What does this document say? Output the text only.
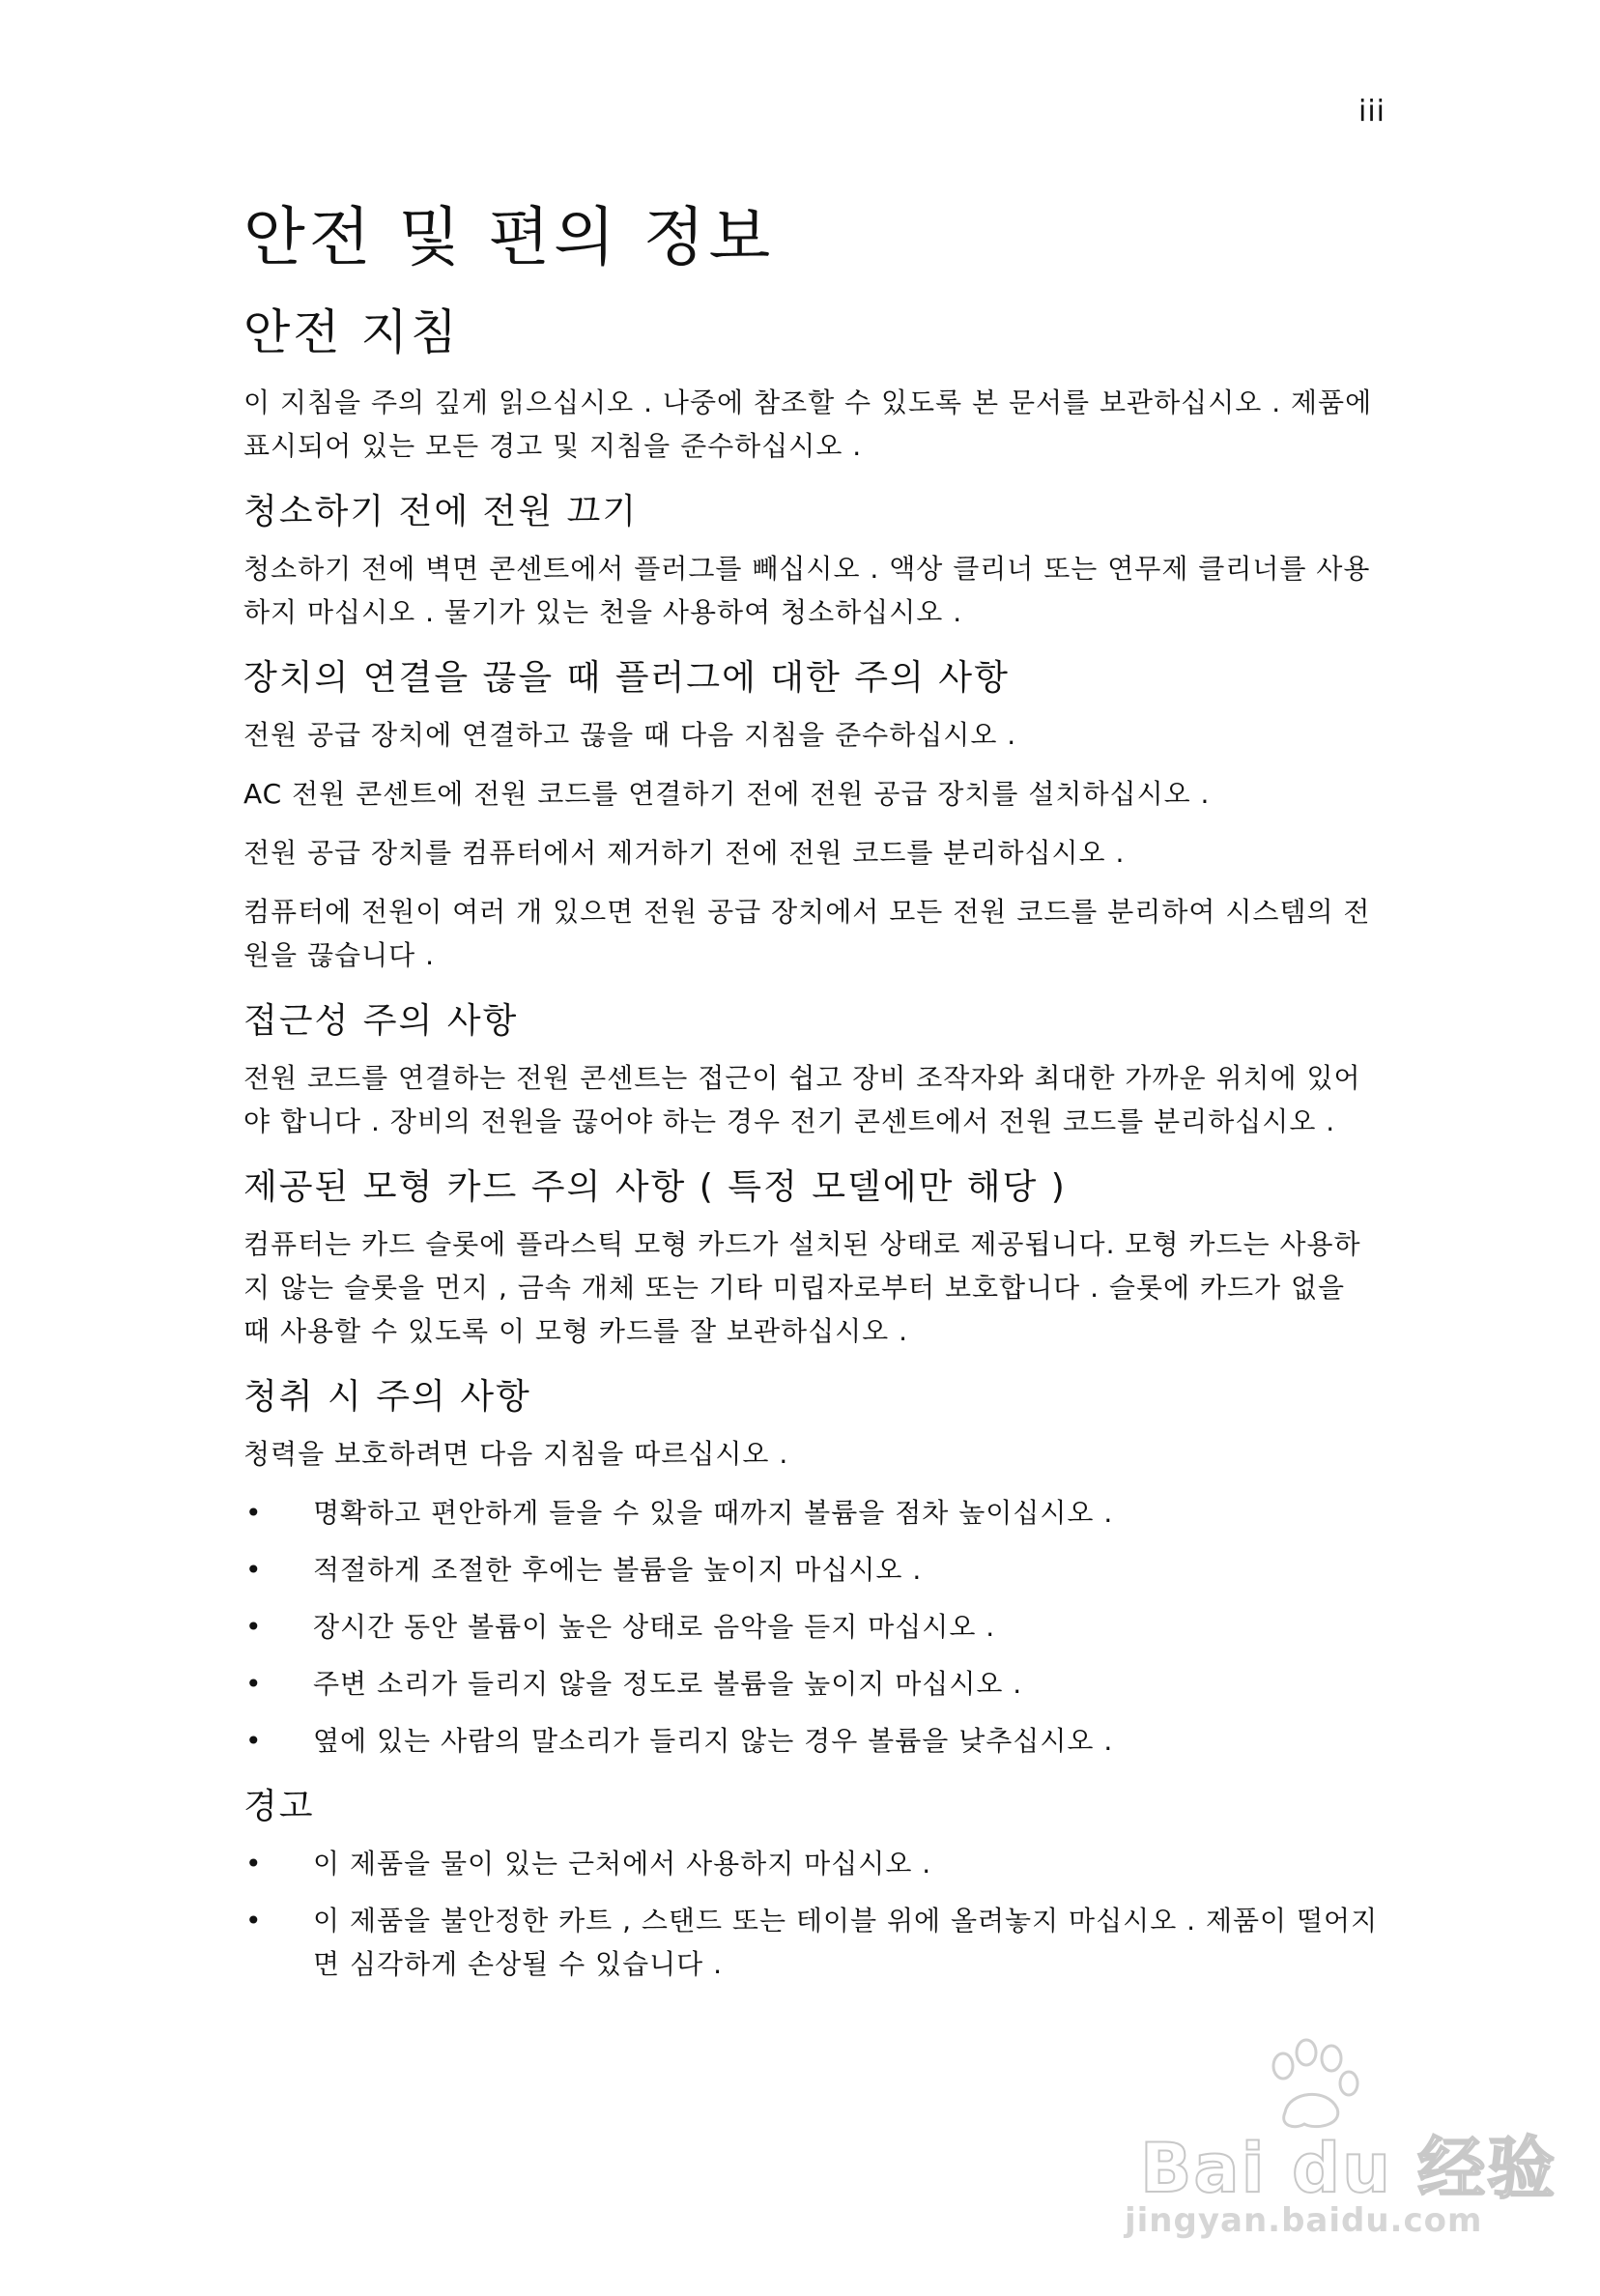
iii
안전 및 편의 정보
안전 지침

이 지침을 주의 깊게 읽으십시오 . 나중에 참조할 수 있도록 본 문서를 보관하십시오 . 제품에 표시되어 있는 모든 경고 및 지침을 준수하십시오 .

청소하기 전에 전원 끄기

청소하기 전에 벽면 콘센트에서 플러그를 빼십시오 . 액상 클리너 또는 연무제 클리너를 사용하지 마십시오 . 물기가 있는 천을 사용하여 청소하십시오 .

장치의 연결을 끊을 때 플러그에 대한 주의 사항

전원 공급 장치에 연결하고 끊을 때 다음 지침을 준수하십시오 .

AC 전원 콘센트에 전원 코드를 연결하기 전에 전원 공급 장치를 설치하십시오 .

전원 공급 장치를 컴퓨터에서 제거하기 전에 전원 코드를 분리하십시오 .

컴퓨터에 전원이 여러 개 있으면 전원 공급 장치에서 모든 전원 코드를 분리하여 시스템의 전원을 끊습니다 .

접근성 주의 사항

전원 코드를 연결하는 전원 콘센트는 접근이 쉽고 장비 조작자와 최대한 가까운 위치에 있어야 합니다 . 장비의 전원을 끊어야 하는 경우 전기 콘센트에서 전원 코드를 분리하십시오 .

제공된 모형 카드 주의 사항 ( 특정 모델에만 해당 )

컴퓨터는 카드 슬롯에 플라스틱 모형 카드가 설치된 상태로 제공됩니다. 모형 카드는 사용하지 않는 슬롯을 먼지 , 금속 개체 또는 기타 미립자로부터 보호합니다 . 슬롯에 카드가 없을 때 사용할 수 있도록 이 모형 카드를 잘 보관하십시오 .

청취 시 주의 사항

청력을 보호하려면 다음 지침을 따르십시오 .

• 명확하고 편안하게 들을 수 있을 때까지 볼륨을 점차 높이십시오 .
• 적절하게 조절한 후에는 볼륨을 높이지 마십시오 .
• 장시간 동안 볼륨이 높은 상태로 음악을 듣지 마십시오 .
• 주변 소리가 들리지 않을 정도로 볼륨을 높이지 마십시오 .
• 옆에 있는 사람의 말소리가 들리지 않는 경우 볼륨을 낮추십시오 .
경고
• 이 제품을 물이 있는 근처에서 사용하지 마십시오 .
• 이 제품을 불안정한 카트 , 스탠드 또는 테이블 위에 올려놓지 마십시오 . 제품이 떨어지면 심각하게 손상될 수 있습니다 .
Bai du 经验
jingyan.baidu.com
